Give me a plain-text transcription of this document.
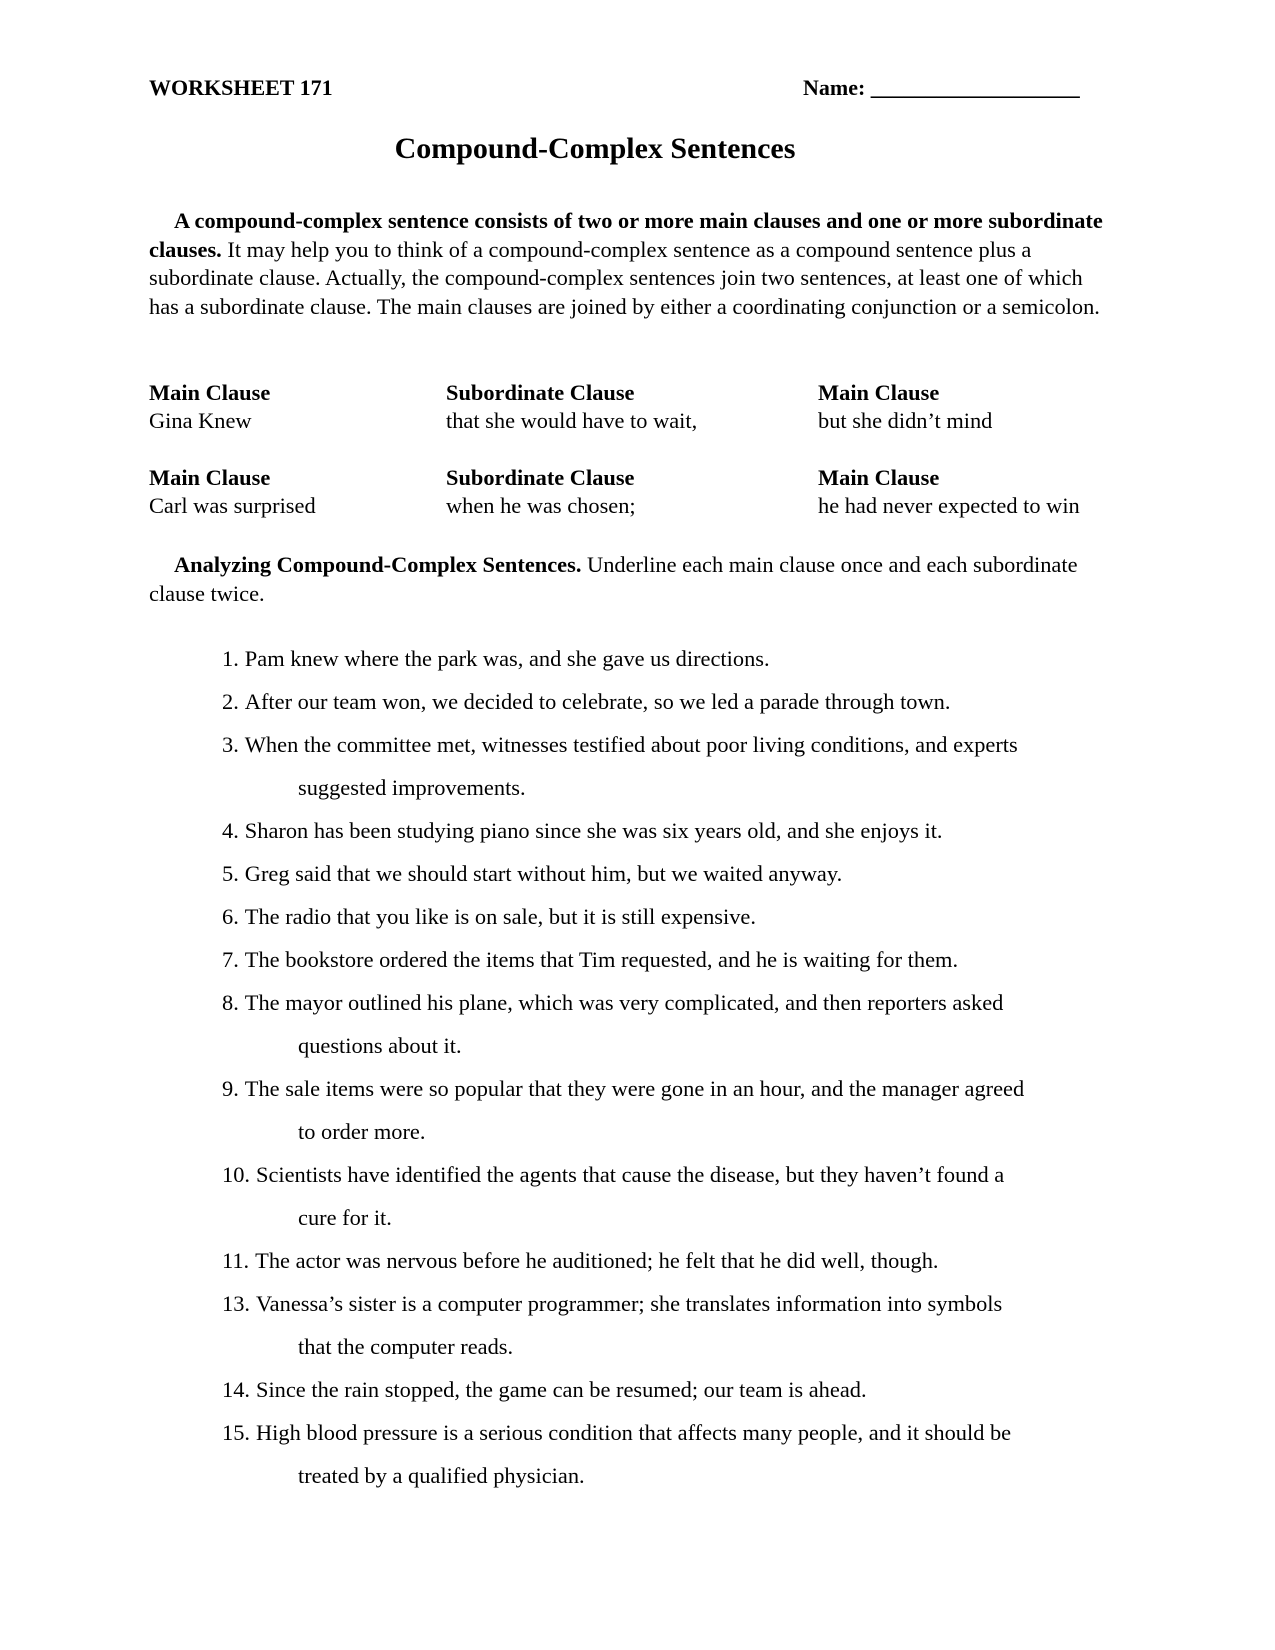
WORKSHEET 171	Name: ___________________
Compound-Complex Sentences
A compound-complex sentence consists of two or more main clauses and one or more subordinate clauses. It may help you to think of a compound-complex sentence as a compound sentence plus a subordinate clause. Actually, the compound-complex sentences join two sentences, at least one of which has a subordinate clause. The main clauses are joined by either a coordinating conjunction or a semicolon.
Main Clause
Gina Knew
Subordinate Clause
that she would have to wait,
Main Clause
but she didn’t mind
Main Clause
Carl was surprised
Subordinate Clause
when he was chosen;
Main Clause
he had never expected to win
Analyzing Compound-Complex Sentences. Underline each main clause once and each subordinate clause twice.
1. Pam knew where the park was, and she gave us directions.
2. After our team won, we decided to celebrate, so we led a parade through town.
3. When the committee met, witnesses testified about poor living conditions, and experts
suggested improvements.
4. Sharon has been studying piano since she was six years old, and she enjoys it.
5. Greg said that we should start without him, but we waited anyway.
6. The radio that you like is on sale, but it is still expensive.
7. The bookstore ordered the items that Tim requested, and he is waiting for them.
8. The mayor outlined his plane, which was very complicated, and then reporters asked
questions about it.
9. The sale items were so popular that they were gone in an hour, and the manager agreed
to order more.
10. Scientists have identified the agents that cause the disease, but they haven’t found a
cure for it.
11. The actor was nervous before he auditioned; he felt that he did well, though.
13. Vanessa’s sister is a computer programmer; she translates information into symbols
that the computer reads.
14. Since the rain stopped, the game can be resumed; our team is ahead.
15. High blood pressure is a serious condition that affects many people, and it should be
treated by a qualified physician.
